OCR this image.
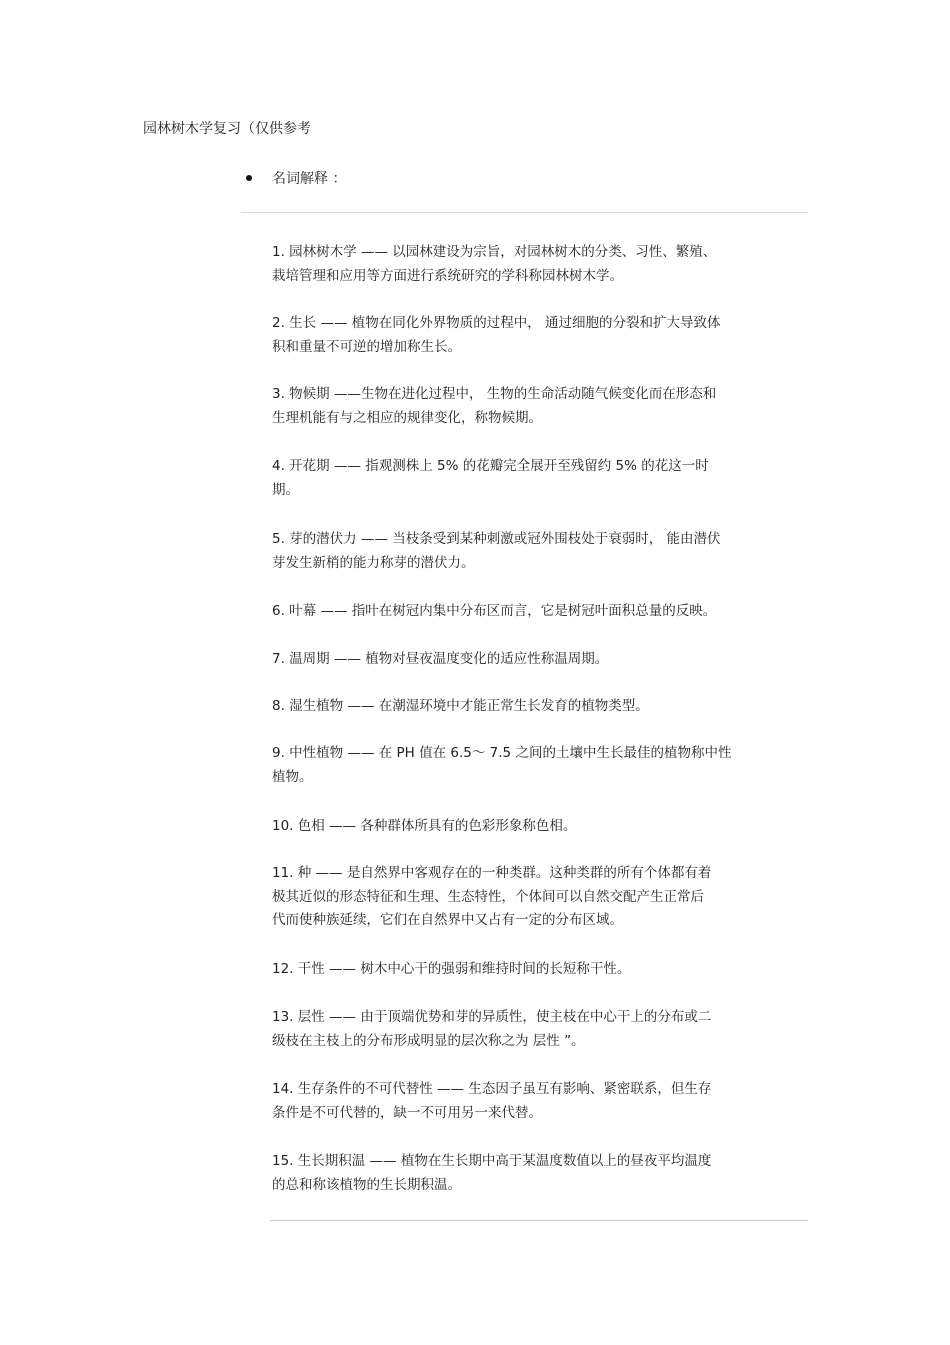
园林树木学复习（仅供参考
名词解释 ：
1. 园林树木学 —— 以园林建设为宗旨，对园林树木的分类、习性、繁殖、
栽培管理和应用等方面进行系统研究的学科称园林树木学。
2. 生长 —— 植物在同化外界物质的过程中， 通过细胞的分裂和扩大导致体
积和重量不可逆的增加称生长。
3. 物候期 ——生物在进化过程中， 生物的生命活动随气候变化而在形态和
生理机能有与之相应的规律变化，称物候期。
4. 开花期 —— 指观测株上 5% 的花瓣完全展开至残留约 5% 的花这一时
期。
5. 芽的潜伏力 —— 当枝条受到某种刺激或冠外围枝处于衰弱时， 能由潜伏
芽发生新梢的能力称芽的潜伏力。
6. 叶幕 —— 指叶在树冠内集中分布区而言，它是树冠叶面积总量的反映。
7. 温周期 —— 植物对昼夜温度变化的适应性称温周期。
8. 湿生植物 —— 在潮湿环境中才能正常生长发育的植物类型。
9. 中性植物 —— 在 PH 值在 6.5～ 7.5 之间的土壤中生长最佳的植物称中性
植物。
10. 色相 —— 各种群体所具有的色彩形象称色相。
11. 种 —— 是自然界中客观存在的一种类群。这种类群的所有个体都有着
极其近似的形态特征和生理、生态特性，个体间可以自然交配产生正常后
代而使种族延续，它们在自然界中又占有一定的分布区域。
12. 干性 —— 树木中心干的强弱和维持时间的长短称干性。
13. 层性 —— 由于顶端优势和芽的异质性，使主枝在中心干上的分布或二
级枝在主枝上的分布形成明显的层次称之为 层性 ”。
14. 生存条件的不可代替性 —— 生态因子虽互有影响、紧密联系，但生存
条件是不可代替的，缺一不可用另一来代替。
15. 生长期积温 —— 植物在生长期中高于某温度数值以上的昼夜平均温度
的总和称该植物的生长期积温。
